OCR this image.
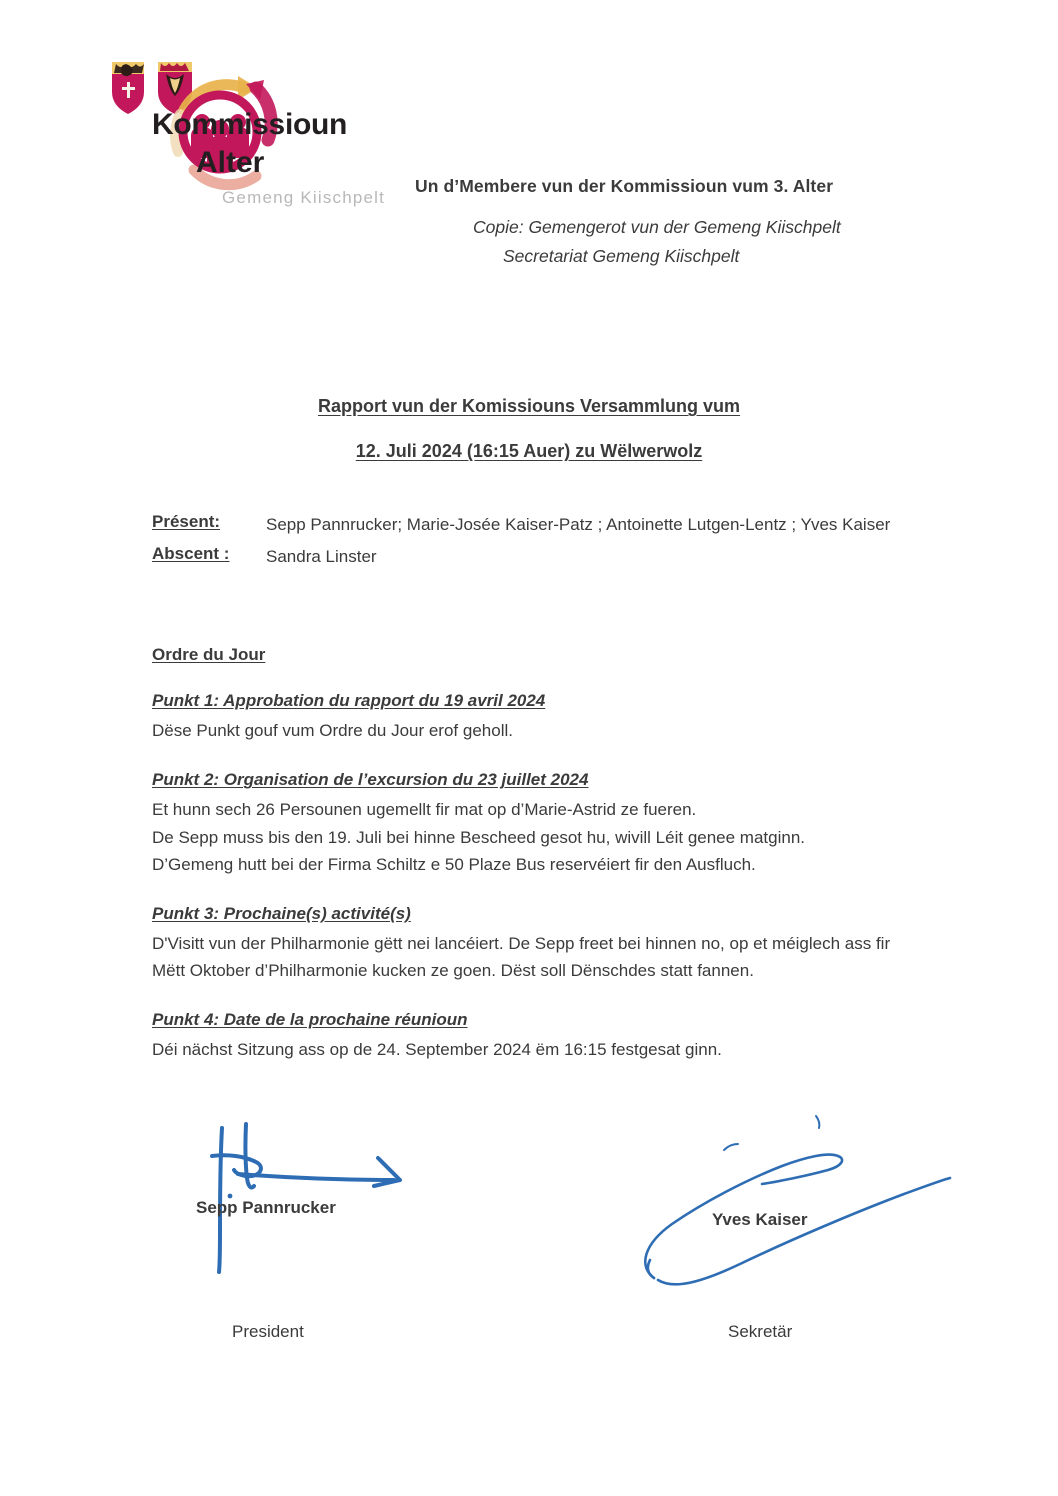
Kommissioun
Alter
Gemeng Kiischpelt
Un d’Membere vun der Kommissioun vum 3. Alter
Copie: Gemengerot vun der Gemeng Kiischpelt
Secretariat Gemeng Kiischpelt
Rapport vun der Komissiouns Versammlung vum
12. Juli 2024 (16:15 Auer) zu Wëlwerwolz
Présent:	Sepp Pannrucker; Marie-Josée Kaiser-Patz ; Antoinette Lutgen-Lentz ; Yves Kaiser
Abscent :	Sandra Linster
Ordre du Jour
Punkt 1: Approbation du rapport du 19 avril 2024

Dëse Punkt gouf vum Ordre du Jour erof geholl.

Punkt 2: Organisation de l’excursion du 23 juillet 2024

Et hunn sech 26 Persounen ugemellt fir mat op d’Marie-Astrid ze fueren.

De Sepp muss bis den 19. Juli bei hinne Bescheed gesot hu, wivill Léit genee matginn.

D’Gemeng hutt bei der Firma Schiltz e 50 Plaze Bus reservéiert fir den Ausfluch.

Punkt 3: Prochaine(s) activité(s)

D'Visitt vun der Philharmonie gëtt nei lancéiert. De Sepp freet bei hinnen no, op et méiglech ass fir Mëtt Oktober d’Philharmonie kucken ze goen. Dëst soll Dënschdes statt fannen.

Punkt 4: Date de la prochaine réunioun

Déi nächst Sitzung ass op de 24. September 2024 ëm 16:15 festgesat ginn.

Sepp Pannrucker
Yves Kaiser
President	Sekretär
